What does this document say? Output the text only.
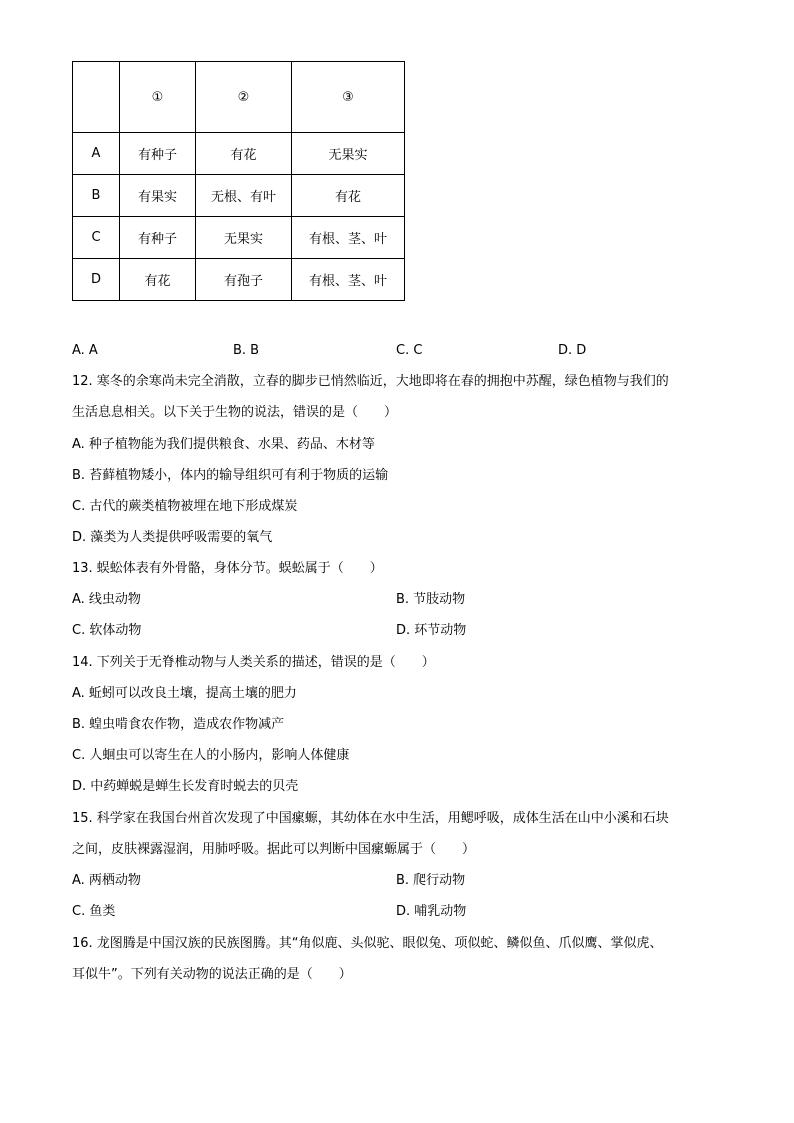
	①	②	③
A	有种子	有花	无果实
B	有果实	无根、有叶	有花
C	有种子	无果实	有根、茎、叶
D	有花	有孢子	有根、茎、叶
A. A	B. B	C. C	D. D
12. 寒冬的余寒尚未完全消散，立春的脚步已悄然临近，大地即将在春的拥抱中苏醒，绿色植物与我们的
生活息息相关。以下关于生物的说法，错误的是（　　）
A. 种子植物能为我们提供粮食、水果、药品、木材等
B. 苔藓植物矮小，体内的输导组织可有利于物质的运输
C. 古代的蕨类植物被埋在地下形成煤炭
D. 藻类为人类提供呼吸需要的氧气
13. 蜈蚣体表有外骨骼，身体分节。蜈蚣属于（　　）
A. 线虫动物	B. 节肢动物
C. 软体动物	D. 环节动物
14. 下列关于无脊椎动物与人类关系的描述，错误的是（　　）
A. 蚯蚓可以改良土壤，提高土壤的肥力
B. 蝗虫啃食农作物，造成农作物减产
C. 人蛔虫可以寄生在人的小肠内，影响人体健康
D. 中药蝉蜕是蝉生长发育时蜕去的贝壳
15. 科学家在我国台州首次发现了中国瘰螈，其幼体在水中生活，用鳃呼吸，成体生活在山中小溪和石块
之间，皮肤裸露湿润，用肺呼吸。据此可以判断中国瘰螈属于（　　）
A. 两栖动物	B. 爬行动物
C. 鱼类	D. 哺乳动物
16. 龙图腾是中国汉族的民族图腾。其“角似鹿、头似驼、眼似兔、项似蛇、鳞似鱼、爪似鹰、掌似虎、
耳似牛”。下列有关动物的说法正确的是（　　）
